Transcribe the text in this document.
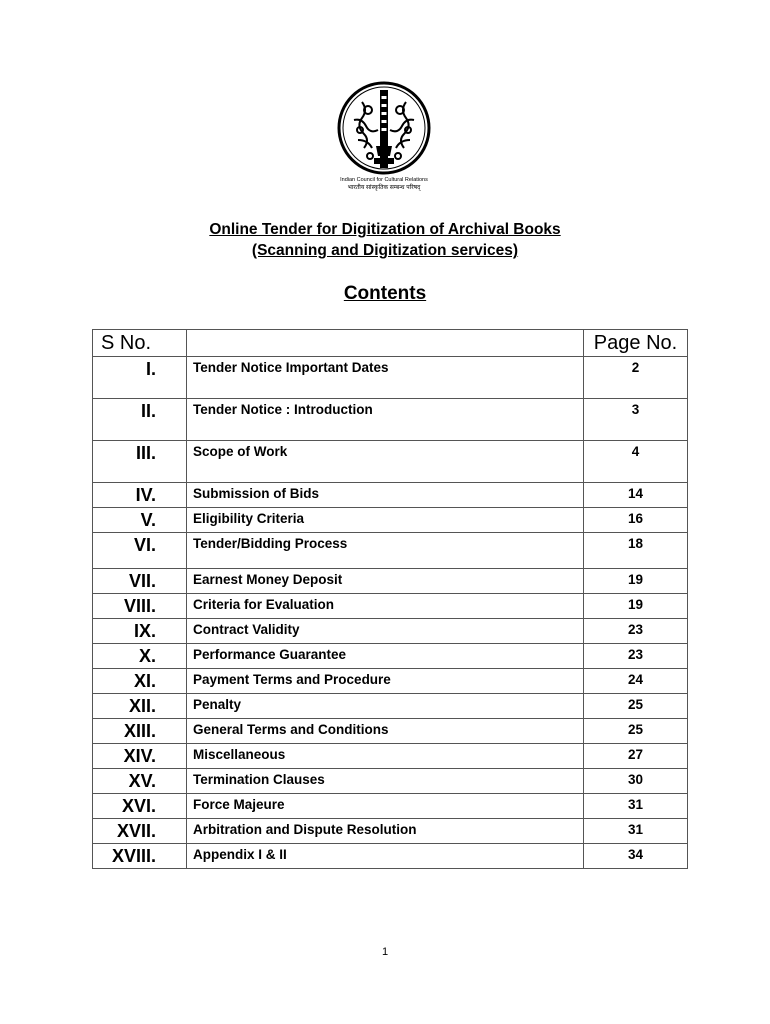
Indian Council for Cultural Relations
भारतीय सांस्कृतिक सम्बन्ध परिषद्
Online Tender for Digitization of Archival Books
(Scanning and Digitization services)
Contents
S No.		Page No.

I.	Tender Notice Important Dates	2

II.	Tender Notice : Introduction	3

III.	Scope of Work	4

IV.	Submission of Bids	14

V.	Eligibility Criteria	16

VI.	Tender/Bidding Process	18

VII.	Earnest Money Deposit	19

VIII.	Criteria for Evaluation	19

IX.	Contract Validity	23

X.	Performance Guarantee	23

XI.	Payment Terms and Procedure	24

XII.	Penalty	25

XIII.	General Terms and Conditions	25

XIV.	Miscellaneous	27

XV.	Termination Clauses	30

XVI.	Force Majeure	31

XVII.	Arbitration and Dispute Resolution	31

XVIII.	Appendix I & II	34
1
